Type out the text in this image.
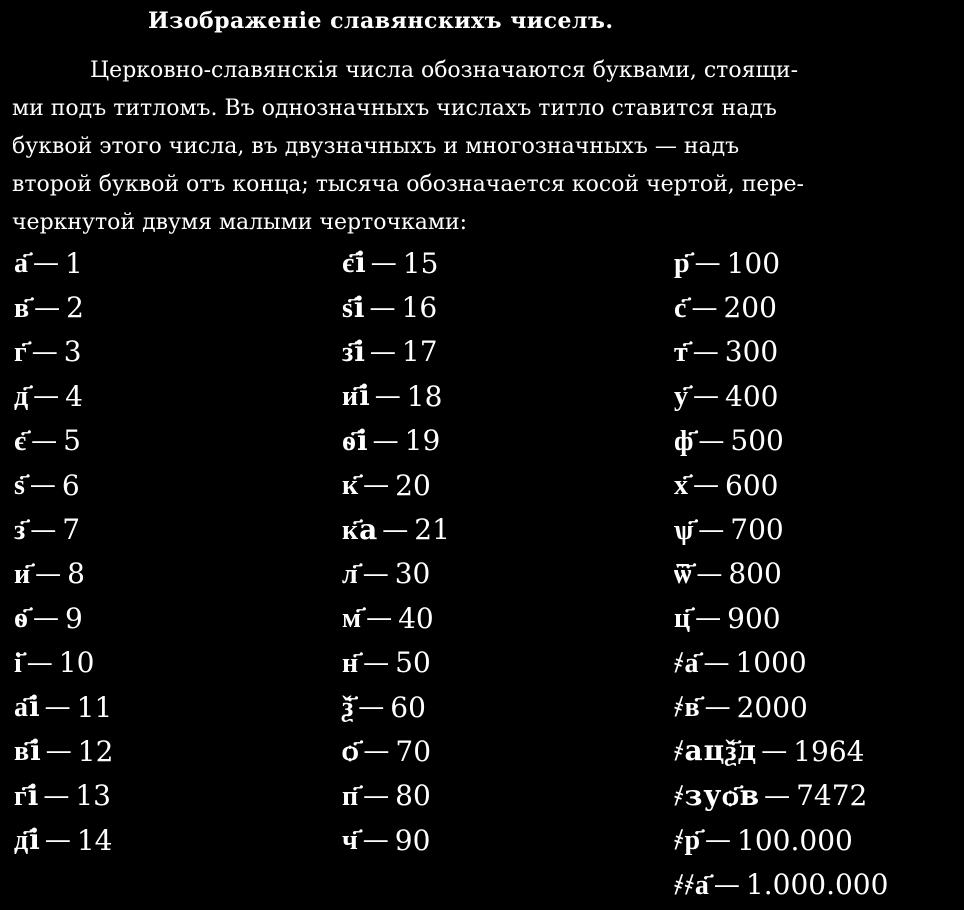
Изображеніе славянскихъ чиселъ.
Церковно-славянскія числа обозначаются буквами, стоящи-
ми подъ титломъ. Въ однозначныхъ числахъ титло ставится надъ
буквой этого числа, въ двузначныхъ и многозначныхъ — надъ
второй буквой отъ конца; тысяча обозначается косой чертой, пере-
черкнутой двумя малыми черточками:
а҃ — 1
в҃ — 2
г҃ — 3
д҃ — 4
є҃ — 5
ѕ҃ — 6
з҃ — 7
и҃ — 8
ѳ҃ — 9
і҃ — 10
а҃і — 11
в҃і — 12
г҃і — 13
д҃і — 14
є҃і — 15
ѕ҃і — 16
з҃і — 17
и҃і — 18
ѳ҃і — 19
к҃ — 20
к҃а — 21
л҃ — 30
м҃ — 40
н҃ — 50
ѯ҃ — 60
ѻ҃ — 70
п҃ — 80
ч҃ — 90
р҃ — 100
с҃ — 200
т҃ — 300
у҃ — 400
ф҃ — 500
х҃ — 600
ѱ҃ — 700
ѿ҃ — 800
ц҃ — 900
҂а҃ — 1000
҂в҃ — 2000
҂ацѯ҃д — 1964
҂зуѻ҃в — 7472
҂р҃ — 100.000
҂҂а҃ — 1.000.000
